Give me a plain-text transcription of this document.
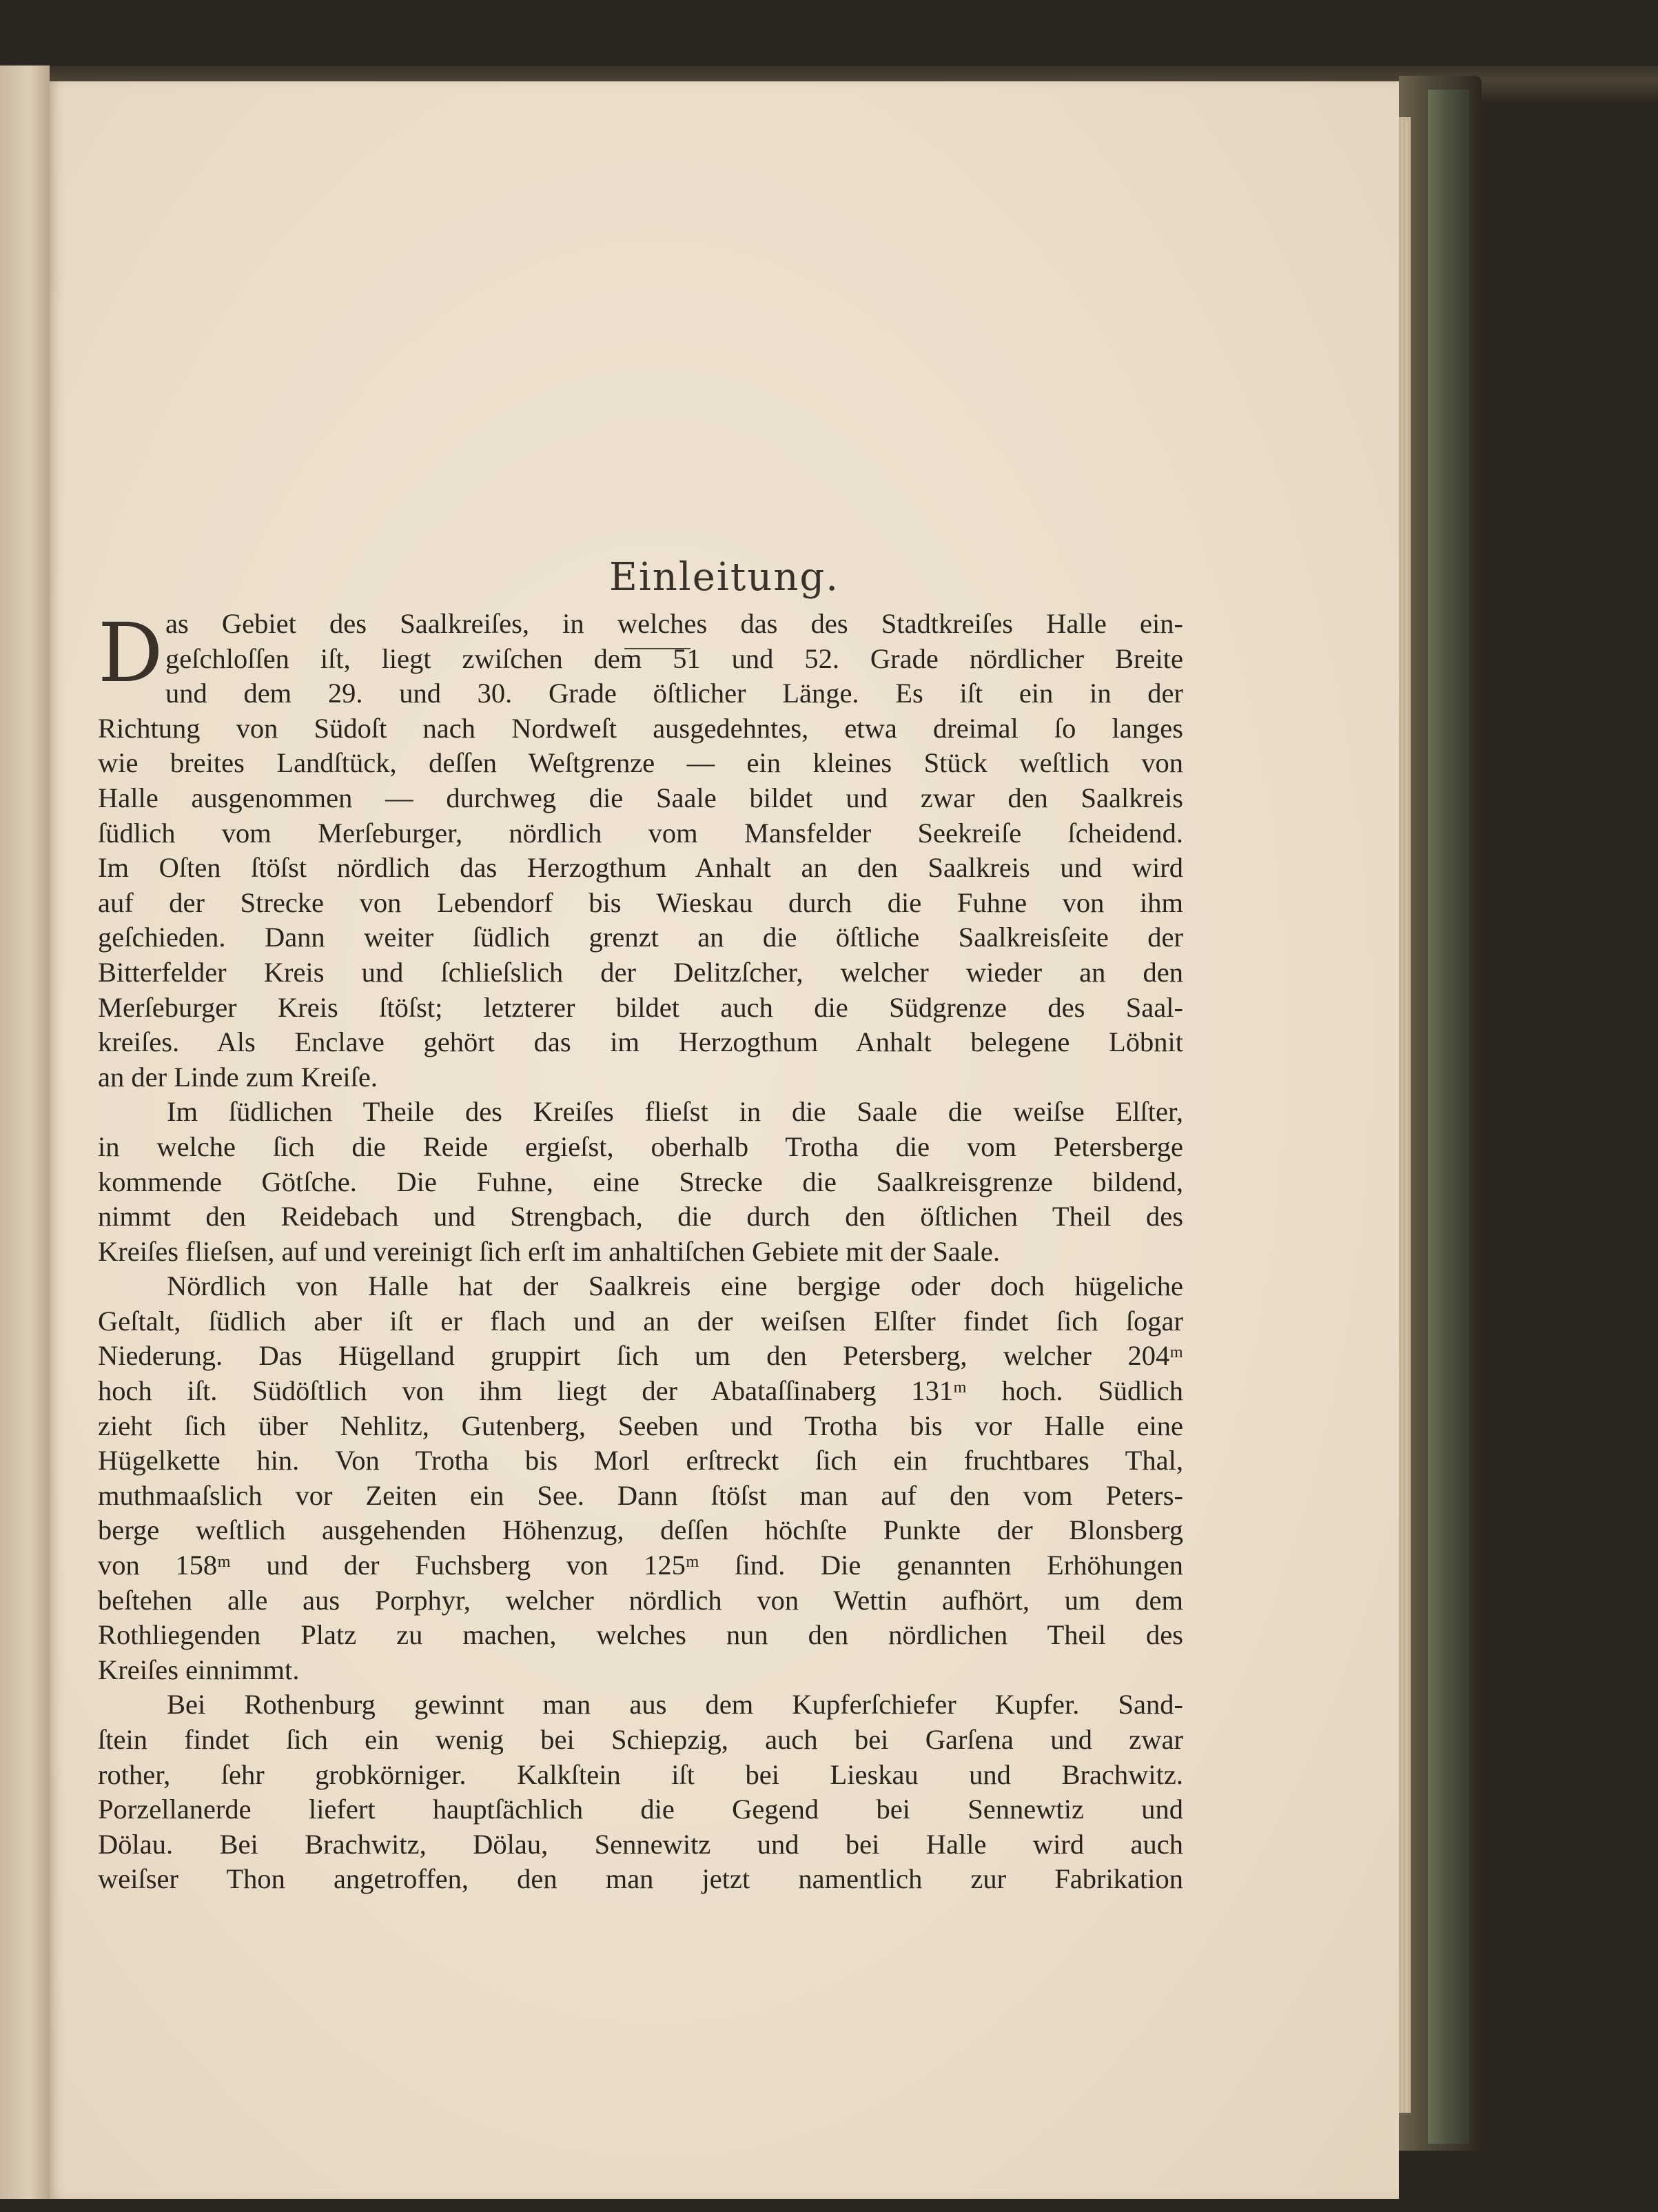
Einleitung.
D as Gebiet des Saalkreiſes, in welches das des Stadtkreiſes Halle ein-
geſchloſſen iſt, liegt zwiſchen dem 51 und 52. Grade nördlicher Breite
und dem 29. und 30. Grade öſtlicher Länge. Es iſt ein in der
Richtung von Südoſt nach Nordweſt ausgedehntes, etwa dreimal ſo langes
wie breites Landſtück, deſſen Weſtgrenze — ein kleines Stück weſtlich von
Halle ausgenommen — durchweg die Saale bildet und zwar den Saalkreis
ſüdlich vom Merſeburger, nördlich vom Mansfelder Seekreiſe ſcheidend.
Im Oſten ſtöſst nördlich das Herzogthum Anhalt an den Saalkreis und wird
auf der Strecke von Lebendorf bis Wieskau durch die Fuhne von ihm
geſchieden. Dann weiter ſüdlich grenzt an die öſtliche Saalkreisſeite der
Bitterfelder Kreis und ſchlieſslich der Delitzſcher, welcher wieder an den
Merſeburger Kreis ſtöſst; letzterer bildet auch die Südgrenze des Saal-
kreiſes. Als Enclave gehört das im Herzogthum Anhalt belegene Löbnit
an der Linde zum Kreiſe.
Im ſüdlichen Theile des Kreiſes flieſst in die Saale die weiſse Elſter,
in welche ſich die Reide ergieſst, oberhalb Trotha die vom Petersberge
kommende Götſche. Die Fuhne, eine Strecke die Saalkreisgrenze bildend,
nimmt den Reidebach und Strengbach, die durch den öſtlichen Theil des
Kreiſes flieſsen, auf und vereinigt ſich erſt im anhaltiſchen Gebiete mit der Saale.
Nördlich von Halle hat der Saalkreis eine bergige oder doch hügeliche
Geſtalt, ſüdlich aber iſt er flach und an der weiſsen Elſter findet ſich ſogar
Niederung. Das Hügelland gruppirt ſich um den Petersberg, welcher 204ᵐ
hoch iſt. Südöſtlich von ihm liegt der Abataſſinaberg 131ᵐ hoch. Südlich
zieht ſich über Nehlitz, Gutenberg, Seeben und Trotha bis vor Halle eine
Hügelkette hin. Von Trotha bis Morl erſtreckt ſich ein fruchtbares Thal,
muthmaaſslich vor Zeiten ein See. Dann ſtöſst man auf den vom Peters-
berge weſtlich ausgehenden Höhenzug, deſſen höchſte Punkte der Blonsberg
von 158ᵐ und der Fuchsberg von 125ᵐ ſind. Die genannten Erhöhungen
beſtehen alle aus Porphyr, welcher nördlich von Wettin aufhört, um dem
Rothliegenden Platz zu machen, welches nun den nördlichen Theil des
Kreiſes einnimmt.
Bei Rothenburg gewinnt man aus dem Kupferſchiefer Kupfer. Sand-
ſtein findet ſich ein wenig bei Schiepzig, auch bei Garſena und zwar
rother, ſehr grobkörniger. Kalkſtein iſt bei Lieskau und Brachwitz.
Porzellanerde liefert hauptſächlich die Gegend bei Sennewtiz und
Dölau. Bei Brachwitz, Dölau, Sennewitz und bei Halle wird auch
weiſser Thon angetroffen, den man jetzt namentlich zur Fabrikation
